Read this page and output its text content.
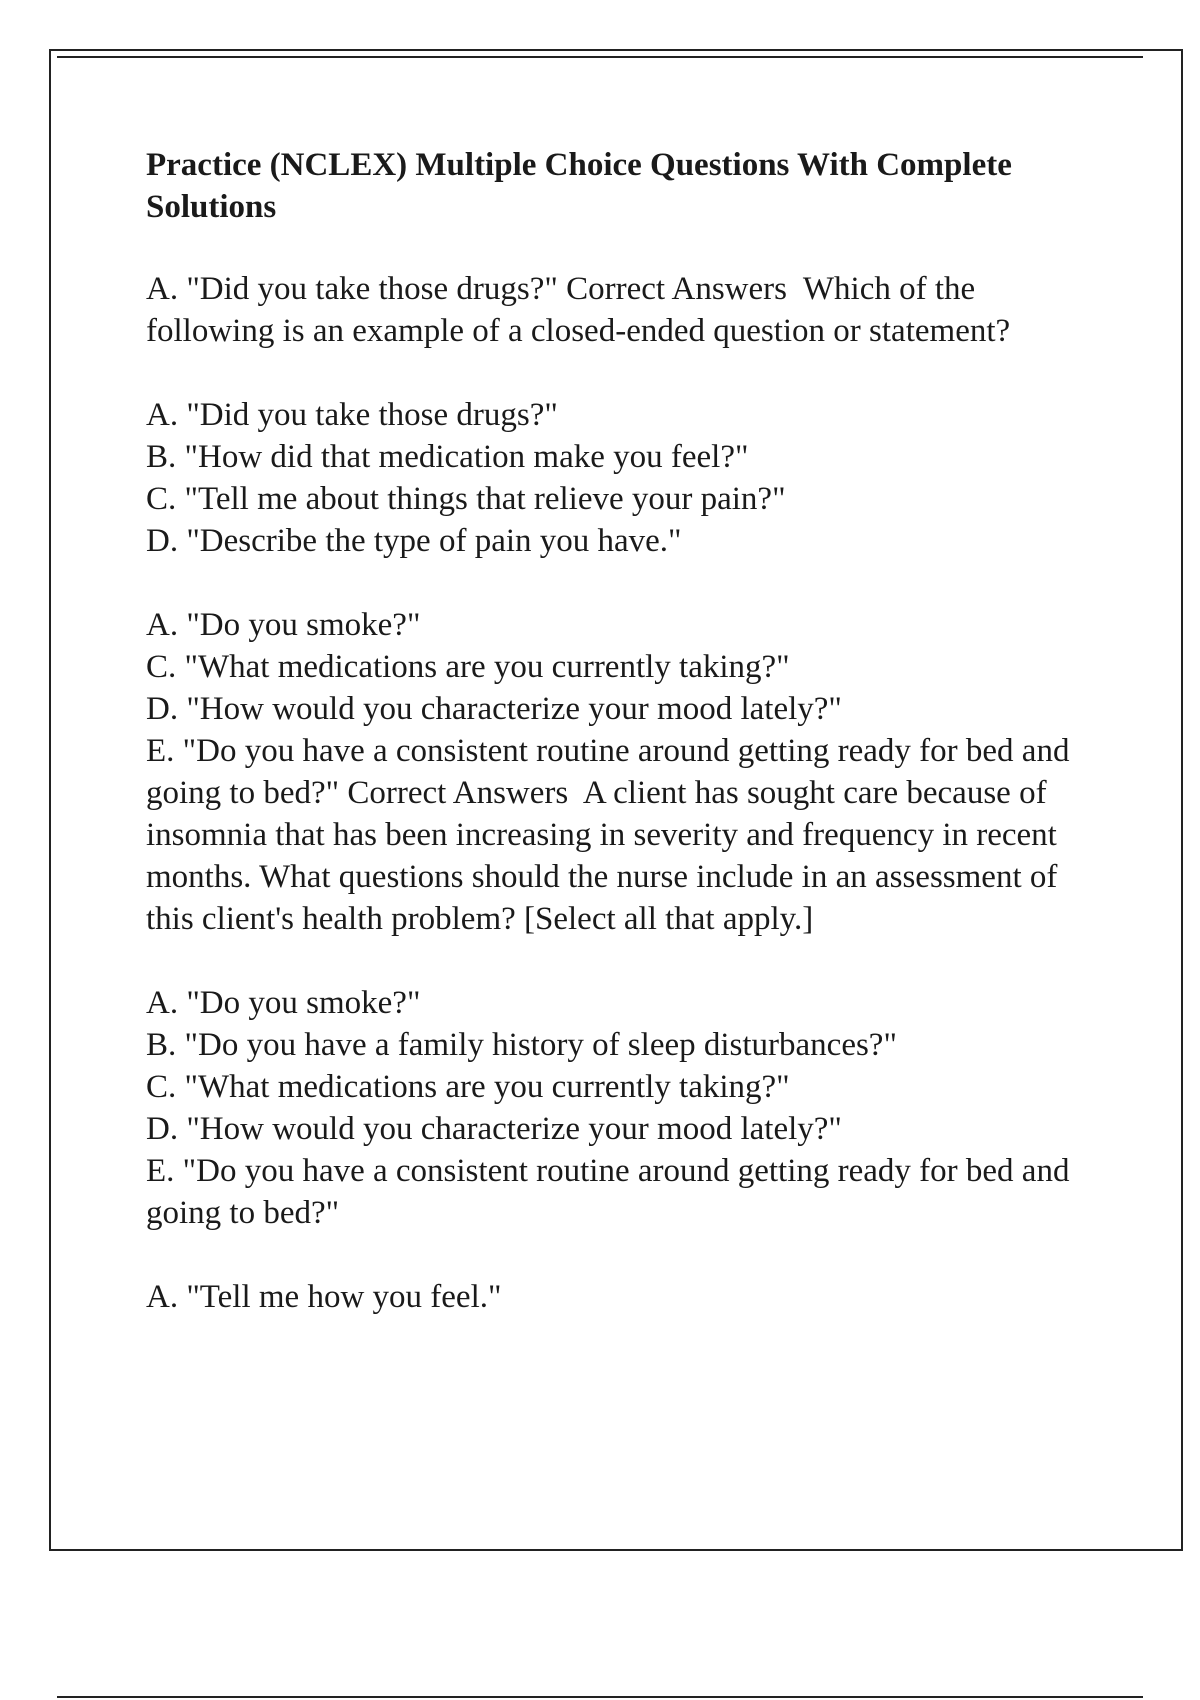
Practice (NCLEX) Multiple Choice Questions With Complete Solutions
A. "Did you take those drugs?" Correct Answers  Which of the following is an example of a closed-ended question or statement?
A. "Did you take those drugs?"
B. "How did that medication make you feel?"
C. "Tell me about things that relieve your pain?"
D. "Describe the type of pain you have."
A. "Do you smoke?"
C. "What medications are you currently taking?"
D. "How would you characterize your mood lately?"
E. "Do you have a consistent routine around getting ready for bed and going to bed?" Correct Answers  A client has sought care because of insomnia that has been increasing in severity and frequency in recent months. What questions should the nurse include in an assessment of this client's health problem? [Select all that apply.]
A. "Do you smoke?"
B. "Do you have a family history of sleep disturbances?"
C. "What medications are you currently taking?"
D. "How would you characterize your mood lately?"
E. "Do you have a consistent routine around getting ready for bed and going to bed?"
A. "Tell me how you feel."
